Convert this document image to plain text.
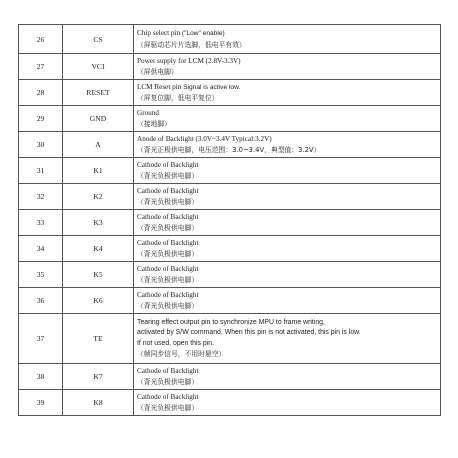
26	CS	Chip select pin ("Low" enable)
（屏驱动芯片片选脚，低电平有效）

27	VCI	Power supply for LCM (2.8V-3.3V)
（屏供电脚）

28	RESET	LCM Reset pin Signal is active low.
（屏复位脚，低电平复位）

29	GND	Ground
（接地脚）

30	A	Anode of Backlight (3.0V~3.4V Typical:3.2V)
（背光正极供电脚，电压范围：3.0~3.4V，典型值：3.2V）

31	K1	Cathode of Backlight
（背光负极供电脚）

32	K2	Cathode of Backlight
（背光负极供电脚）

33	K3	Cathode of Backlight
（背光负极供电脚）

34	K4	Cathode of Backlight
（背光负极供电脚）

35	K5	Cathode of Backlight
（背光负极供电脚）

36	K6	Cathode of Backlight
（背光负极供电脚）

37	TE	Tearing effect output pin to synchronize MPU to frame writing,
activated by S/W command. When this pin is not activated, this pin is low.
If not used, open this pin.
（帧同步信号，不用时悬空）

38	K7	Cathode of Backlight
（背光负极供电脚）

39	K8	Cathode of Backlight
（背光负极供电脚）
